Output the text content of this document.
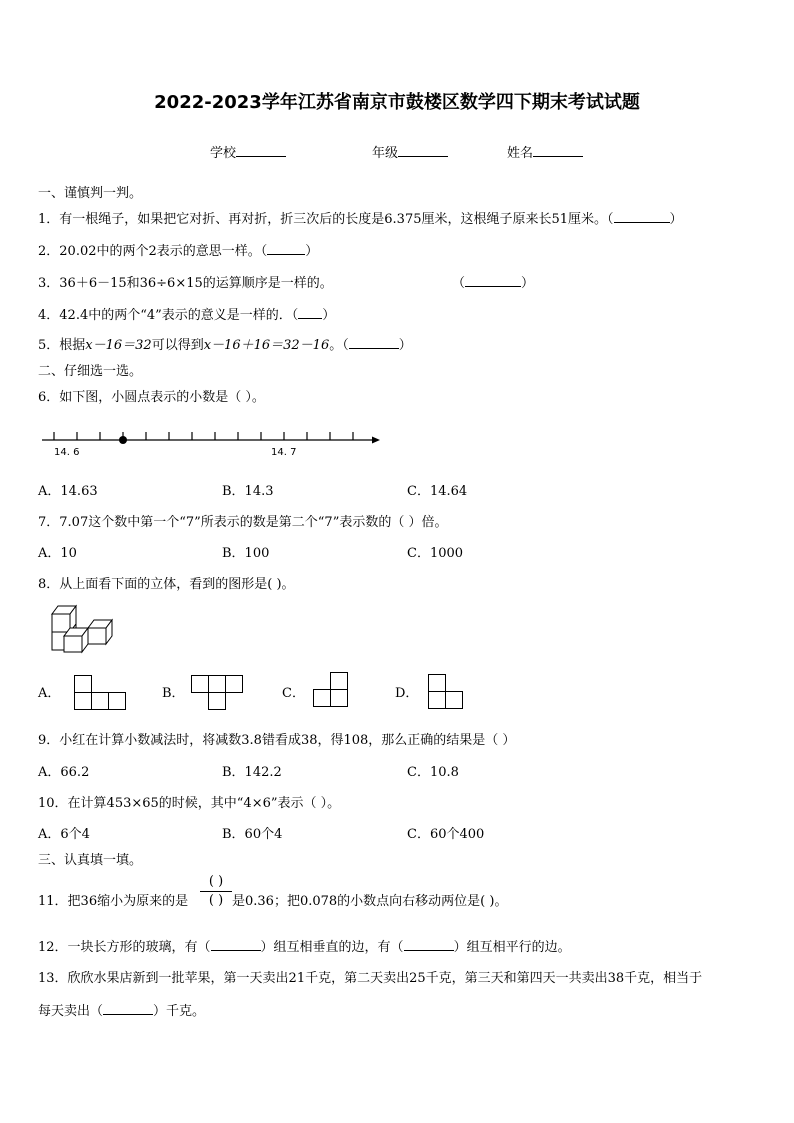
2022-2023学年江苏省南京市鼓楼区数学四下期末考试试题
学校	年级	姓名
一、谨慎判一判。
1．有一根绳子，如果把它对折、再对折，折三次后的长度是6.375厘米，这根绳子原来长51厘米。（	）
2．20.02中的两个2表示的意思一样。（	）
3．36＋6－15和36÷6×15的运算顺序是一样的。	（	）
4．42.4中的两个“4”表示的意义是一样的．（ ）
5．根据x－16＝32可以得到x－16＋16＝32－16。（	）
二、仔细选一选。
6．如下图，小圆点表示的小数是（ ）。
14. 6	14. 7
A．14.63	B．14.3	C．14.64
7．7.07这个数中第一个“7”所表示的数是第二个“7”表示数的（ ）倍。
A．10	B．100	C．1000
8．从上面看下面的立体，看到的图形是( )。
A．	B．	C．	D．
9．小红在计算小数减法时，将减数3.8错看成38，得108，那么正确的结果是（ ）
A．66.2	B．142.2	C．10.8
10．在计算453×65的时候，其中“4×6”表示（ ）。
A．6个4	B．60个4	C．60个400
三、认真填一填。
11．把36缩小为原来的是
( )
( ) 是0.36；把0.078的小数点向右移动两位是( )。
12．一块长方形的玻璃，有（	）组互相垂直的边，有（	）组互相平行的边。
13．欣欣水果店新到一批苹果，第一天卖出21千克，第二天卖出25千克，第三天和第四天一共卖出38千克，相当于
每天卖出（	）千克。
